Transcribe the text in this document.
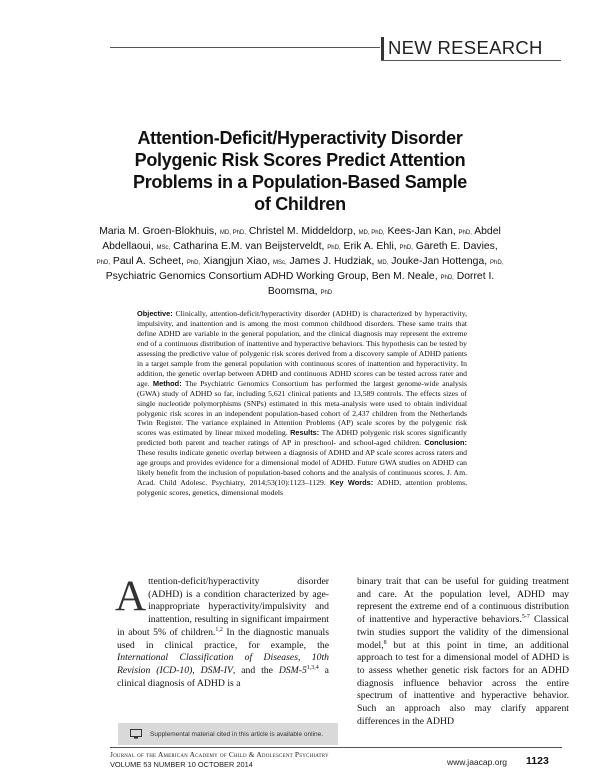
NEW RESEARCH
Attention-Deficit/Hyperactivity Disorder
Polygenic Risk Scores Predict Attention
Problems in a Population-Based Sample
of Children
Maria M. Groen-Blokhuis, MD, PhD, Christel M. Middeldorp, MD, PhD, Kees-Jan Kan, PhD, Abdel Abdellaoui, MSc, Catharina E.M. van Beijsterveldt, PhD, Erik A. Ehli, PhD, Gareth E. Davies, PhD, Paul A. Scheet, PhD, Xiangjun Xiao, MSc, James J. Hudziak, MD, Jouke-Jan Hottenga, PhD, Psychiatric Genomics Consortium ADHD Working Group, Ben M. Neale, PhD, Dorret I. Boomsma, PhD

Objective: Clinically, attention-deficit/hyperactivity disorder (ADHD) is characterized by hyperactivity, impulsivity, and inattention and is among the most common childhood disorders. These same traits that define ADHD are variable in the general population, and the clinical diagnosis may represent the extreme end of a continuous distribution of inattentive and hyperactive behaviors. This hypothesis can be tested by assessing the predictive value of polygenic risk scores derived from a discovery sample of ADHD patients in a target sample from the general population with continuous scores of inattention and hyperactivity. In addition, the genetic overlap between ADHD and continuous ADHD scores can be tested across rater and age. Method: The Psychiatric Genomics Consortium has performed the largest genome-wide analysis (GWA) study of ADHD so far, including 5,621 clinical patients and 13,589 controls. The effects sizes of single nucleotide polymorphisms (SNPs) estimated in this meta-analysis were used to obtain individual polygenic risk scores in an independent population-based cohort of 2,437 children from the Netherlands Twin Register. The variance explained in Attention Problems (AP) scale scores by the polygenic risk scores was estimated by linear mixed modeling. Results: The ADHD polygenic risk scores significantly predicted both parent and teacher ratings of AP in preschool- and school-aged children. Conclusion: These results indicate genetic overlap between a diagnosis of ADHD and AP scale scores across raters and age groups and provides evidence for a dimensional model of ADHD. Future GWA studies on ADHD can likely benefit from the inclusion of population-based cohorts and the analysis of continuous scores. J. Am. Acad. Child Adolesc. Psychiatry, 2014;53(10):1123–1129. Key Words: ADHD, attention problems, polygenic scores, genetics, dimensional models

Attention-deficit/hyperactivity disorder (ADHD) is a condition characterized by age-inappropriate hyperactivity/impulsivity and inattention, resulting in significant impairment in about 5% of children.$^{1,2}$ In the diagnostic manuals used in clinical practice, for example, the International Classification of Diseases, 10th Revision (ICD-10), DSM-IV, and the DSM-5$^{1,3,4}$ a clinical diagnosis of ADHD is a
binary trait that can be useful for guiding treatment and care. At the population level, ADHD may represent the extreme end of a continuous distribution of inattentive and hyperactive behaviors.$^{5-7}$ Classical twin studies support the validity of the dimensional model,$^8$ but at this point in time, an additional approach to test for a dimensional model of ADHD is to assess whether genetic risk factors for an ADHD diagnosis influence behavior across the entire spectrum of inattentive and hyperactive behavior. Such an approach also may clarify apparent differences in the ADHD
Supplemental material cited in this article is available online.
Journal of the American Academy of Child & Adolescent Psychiatry
VOLUME 53 NUMBER 10 OCTOBER 2014	www.jaacap.org 1123
